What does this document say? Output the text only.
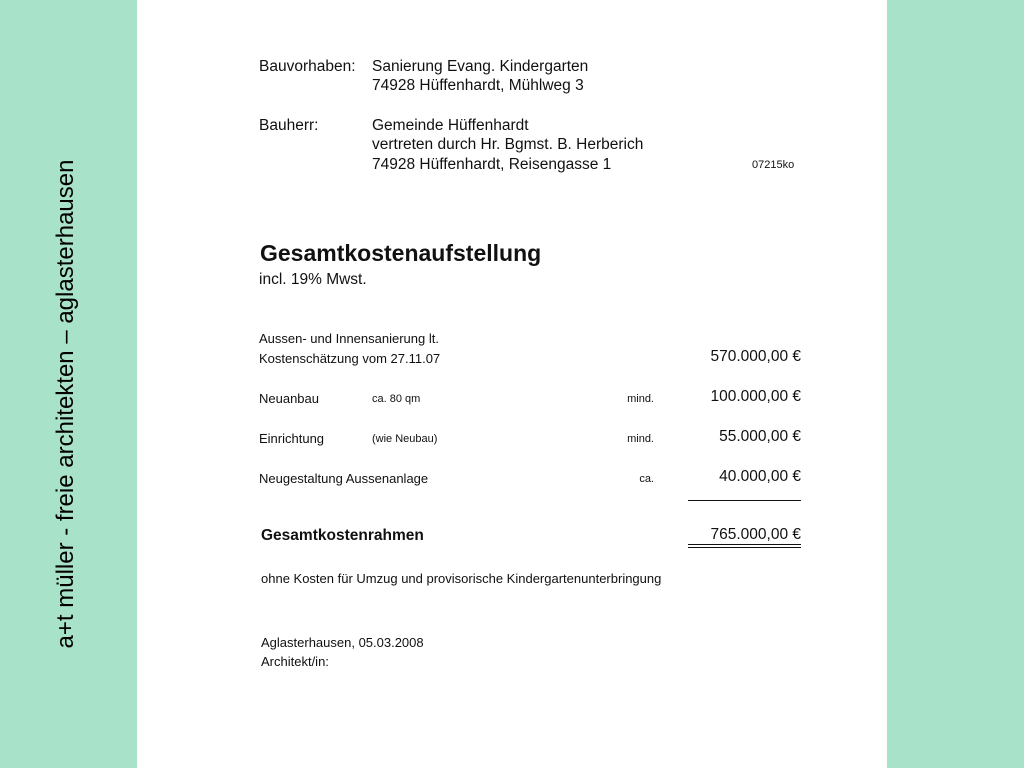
a+t müller - freie architekten – aglasterhausen
Bauvorhaben: Sanierung Evang. Kindergarten
74928 Hüffenhardt, Mühlweg 3
Bauherr:	Gemeinde Hüffenhardt
vertreten durch Hr. Bgmst. B. Herberich
74928 Hüffenhardt, Reisengasse 1	07215ko
Gesamtkostenaufstellung
incl. 19% Mwst.
Aussen- und Innensanierung lt.
Kostenschätzung vom 27.11.07	570.000,00 €
Neuanbau	ca. 80 qm	mind.	100.000,00 €
Einrichtung	(wie Neubau)	mind.	55.000,00 €
Neugestaltung Aussenanlage	ca.	40.000,00 €
Gesamtkostenrahmen	765.000,00 €
ohne Kosten für Umzug und provisorische Kindergartenunterbringung
Aglasterhausen, 05.03.2008
Architekt/in:
